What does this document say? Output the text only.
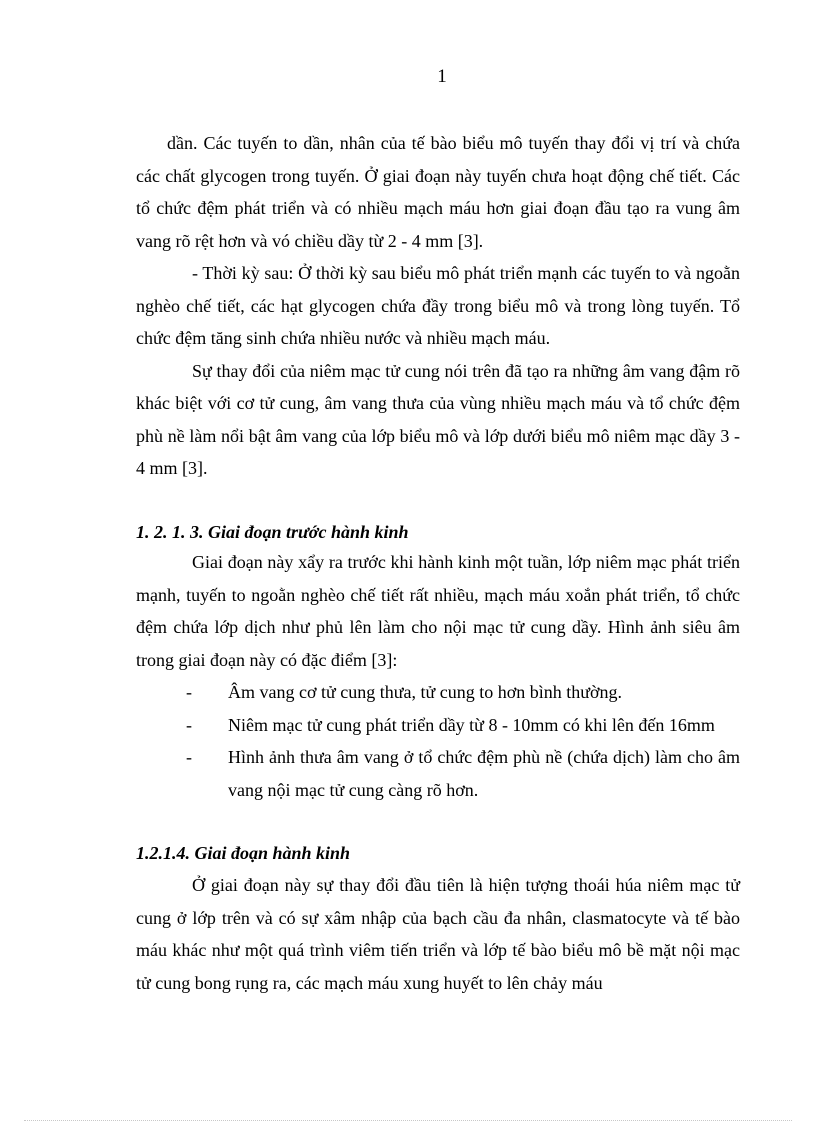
1

dần. Các tuyến to dần, nhân của tế bào biểu mô tuyến thay đổi vị trí và chứa các chất glycogen trong tuyến. Ở giai đoạn này tuyến chưa hoạt động chế tiết. Các tổ chức đệm phát triển và có nhiều mạch máu hơn giai đoạn đầu tạo ra vung âm vang rõ rệt hơn và vó chiều dầy từ 2 - 4 mm [3].

- Thời kỳ sau: Ở thời kỳ sau biểu mô phát triển mạnh các tuyến to và ngoằn nghèo chế tiết, các hạt glycogen chứa đầy trong biểu mô và trong lòng tuyến. Tổ chức đệm tăng sinh chứa nhiều nước và nhiều mạch máu.

Sự thay đổi của niêm mạc tử cung nói trên đã tạo ra những âm vang đậm rõ khác biệt với cơ tử cung, âm vang thưa của vùng nhiều mạch máu và tổ chức đệm phù nề làm nổi bật âm vang của lớp biểu mô và lớp dưới biểu mô niêm mạc dầy 3 - 4 mm [3].

1. 2. 1. 3. Giai đoạn trước hành kinh

Giai đoạn này xẩy ra trước khi hành kinh một tuần, lớp niêm mạc phát triển mạnh, tuyến to ngoằn nghèo chế tiết rất nhiều, mạch máu xoắn phát triển, tổ chức đệm chứa lớp dịch như phủ lên làm cho nội mạc tử cung dầy. Hình ảnh siêu âm trong giai đoạn này có đặc điểm [3]:

-	Âm vang cơ tử cung thưa, tử cung to hơn bình thường.
-	Niêm mạc tử cung phát triển dầy từ 8 - 10mm có khi lên đến 16mm
-	Hình ảnh thưa âm vang ở tổ chức đệm phù nề (chứa dịch) làm cho âm vang nội mạc tử cung càng rõ hơn.
1.2.1.4. Giai đoạn hành kinh

Ở giai đoạn này sự thay đổi đầu tiên là hiện tượng thoái húa niêm mạc tử cung ở lớp trên và có sự xâm nhập của bạch cầu đa nhân, clasmatocyte và tế bào máu khác như một quá trình viêm tiến triển và lớp tế bào biểu mô bề mặt nội mạc tử cung bong rụng ra, các mạch máu xung huyết to lên chảy máu
